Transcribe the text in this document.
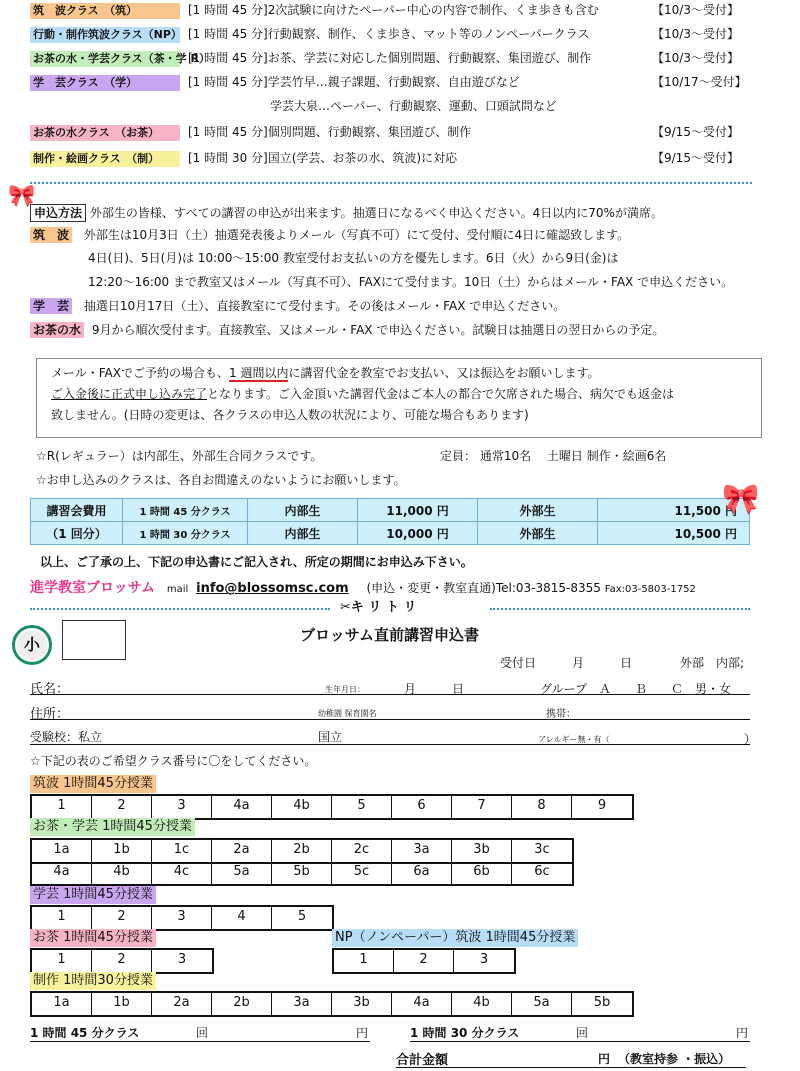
筑　波クラス　（筑）	[1 時間 45 分]2次試験に向けたペーパー中心の内容で制作、くま歩きも含む	【10/3～受付】
行動・制作筑波クラス（NP） [1 時間 45 分]行動観察、制作、くま歩き、マット等のノンペーパークラス	【10/3～受付】
お茶の水・学芸クラス（茶・学 R）[1 時間 45 分]お茶、学芸に対応した個別問題、行動観察、集団遊び、制作	【10/3～受付】
学　芸クラス　（学）	[1 時間 45 分]学芸竹早…親子課題、行動観察、自由遊びなど	【10/17～受付】
学芸大泉…ペーパー、行動観察、運動、口頭試問など
お茶の水クラス　（お茶） [1 時間 45 分]個別問題、行動観察、集団遊び、制作	【9/15～受付】
制作・絵画クラス　（制） [1 時間 30 分]国立(学芸、お茶の水、筑波)に対応	【9/15～受付】
🎀
申込方法 外部生の皆様、すべての講習の申込が出来ます。抽選日になるべく申込ください。4日以内に70%が満席。
筑　波 外部生は10月3日（土）抽選発表後よりメール（写真不可）にて受付、受付順に4日に確認致します。
4日(日)、5日(月)は 10:00～15:00 教室受付お支払いの方を優先します。6日（火）から9日(金)は
12:20～16:00 まで教室又はメール（写真不可）、FAXにて受付ます。10日（土）からはメール・FAX で申込ください。
学　芸 抽選日10月17日（土）、直接教室にて受付ます。その後はメール・FAX で申込ください。
お茶の水 9月から順次受付ます。直接教室、又はメール・FAX で申込ください。試験日は抽選日の翌日からの予定。
メール・FAXでご予約の場合も、1 週間以内に講習代金を教室でお支払い、又は振込をお願いします。
ご入金後に正式申し込み完了となります。ご入金頂いた講習代金はご本人の都合で欠席された場合、病欠でも返金は
致しません。(日時の変更は、各クラスの申込人数の状況により、可能な場合もあります)
☆R(レギュラー）は内部生、外部生合同クラスです。	定員： 通常10名　 土曜日 制作・絵画6名
☆お申し込みのクラスは、各自お間違えのないようにお願いします。
講習会費用	1 時間 45 分クラス	内部生	11,000 円	外部生	11,500 円
（1 回分）	1 時間 30 分クラス	内部生	10,000 円	外部生	10,500 円
🎀
以上、ご了承の上、下記の申込書にご記入され、所定の期間にお申込み下さい。
進学教室ブロッサム mail info@blossomsc.com (申込・変更・教室直通)Tel:03-3815-8355 Fax:03-5803-1752
✂キ リ ト リ
小	ブロッサム直前講習申込書
受付日　　　月　　　日	外部　内部;
氏名：	生年月日：	月	日	グループ　Ａ　　Ｂ　　Ｃ　男・女
住所：	幼稚園 保育園名	携帯：
受験校：私立	国立	アレルギー無・有（	）
☆下記の表のご希望クラス番号に〇をしてください。
筑波 1時間45分授業
1	2	3	4a	4b	5	6	7	8	9
お茶・学芸 1時間45分授業
1a	1b	1c	2a	2b	2c	3a	3b	3c
4a	4b	4c	5a	5b	5c	6a	6b	6c
学芸 1時間45分授業
1	2	3	4	5
お茶 1時間45分授業
1	2	3
NP（ノンペーパー）筑波 1時間45分授業
1	2	3
制作 1時間30分授業
1a	1b	2a	2b	3a	3b	4a	4b	5a	5b
1 時間 45 分クラス	回	円	1 時間 30 分クラス	回	円
合計金額	円 （教室持参 ・振込）
